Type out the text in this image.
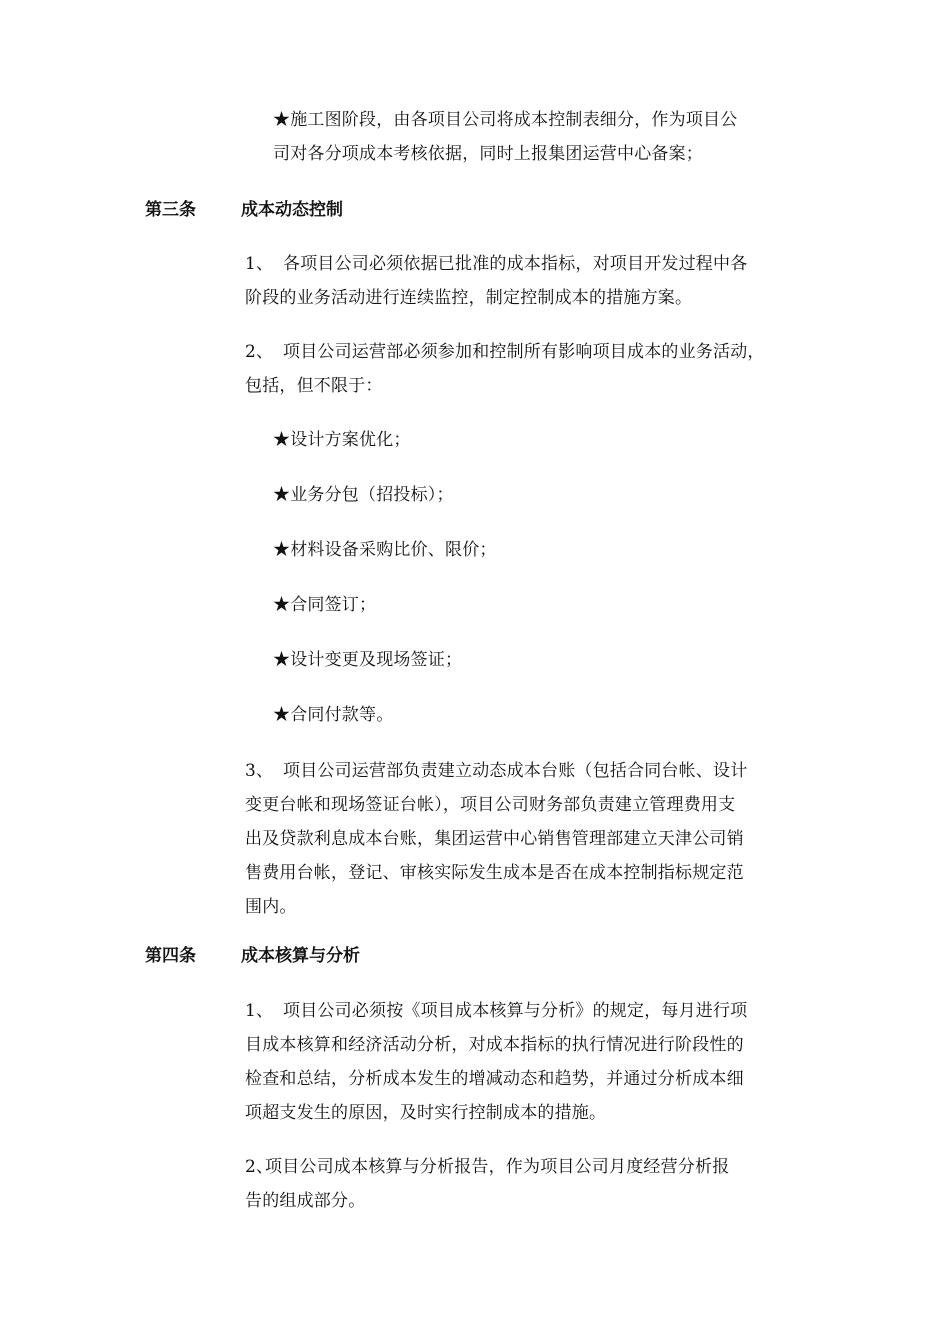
★施工图阶段，由各项目公司将成本控制表细分，作为项目公
司对各分项成本考核依据，同时上报集团运营中心备案；
第三条	成本动态控制
1、 各项目公司必须依据已批准的成本指标，对项目开发过程中各
阶段的业务活动进行连续监控，制定控制成本的措施方案。
2、 项目公司运营部必须参加和控制所有影响项目成本的业务活动，
包括，但不限于：
★设计方案优化；
★业务分包（招投标）；
★材料设备采购比价、限价；
★合同签订；
★设计变更及现场签证；
★合同付款等。
3、 项目公司运营部负责建立动态成本台账（包括合同台帐、设计
变更台帐和现场签证台帐），项目公司财务部负责建立管理费用支
出及贷款利息成本台账，集团运营中心销售管理部建立天津公司销
售费用台帐，登记、审核实际发生成本是否在成本控制指标规定范
围内。
第四条	成本核算与分析
1、 项目公司必须按《项目成本核算与分析》的规定，每月进行项
目成本核算和经济活动分析，对成本指标的执行情况进行阶段性的
检查和总结，分析成本发生的增减动态和趋势，并通过分析成本细
项超支发生的原因，及时实行控制成本的措施。
2、项目公司成本核算与分析报告，作为项目公司月度经营分析报
告的组成部分。
